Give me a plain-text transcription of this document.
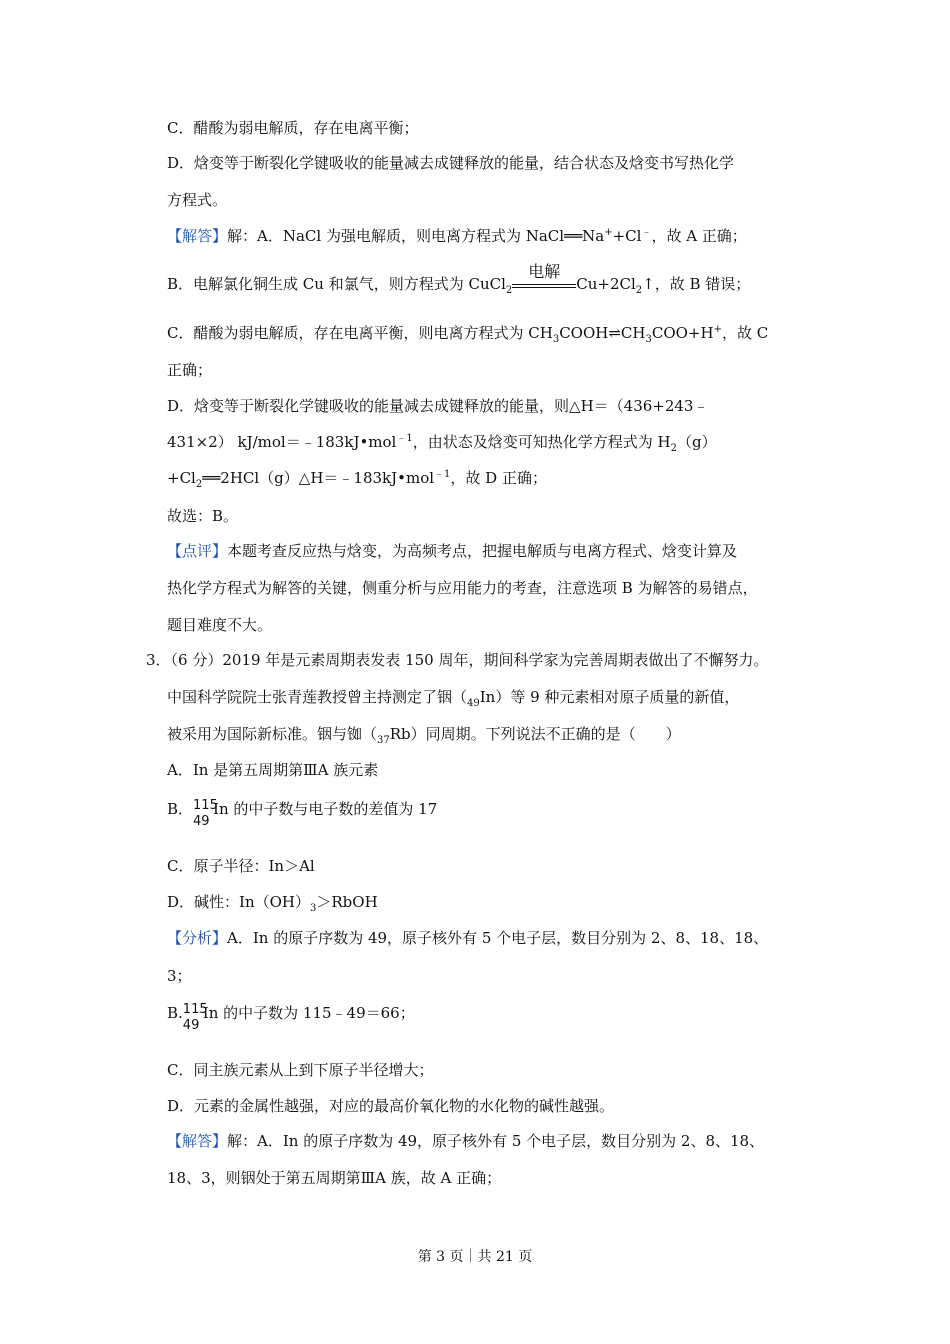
C．醋酸为弱电解质，存在电离平衡；
D．焓变等于断裂化学键吸收的能量减去成键释放的能量，结合状态及焓变书写热化学
方程式。
【解答】解：A．NaCl 为强电解质，则电离方程式为 NaCl══Na++Cl﹣，故 A 正确；
B．电解氯化铜生成 Cu 和氯气，则方程式为 CuCl$_2$
电解
$Cu+2Cl_2↑$，故 B 错误；
C．醋酸为弱电解质，存在电离平衡，则电离方程式为 $CH_3COOH\rightleftharpoons CH_3COO+H^+$，故 C
正确；
D．焓变等于断裂化学键吸收的能量减去成键释放的能量，则△H＝（436+243﹣
431×2） kJ/mol＝﹣183kJ•mol$^{﹣1}$，由状态及焓变可知热化学方程式为 $H_2(g)$
$+Cl_2══2HCl(g)\triangle H=﹣183kJ•mol^{﹣1}$，故 D 正确；
故选：B。
【点评】本题考查反应热与焓变，为高频考点，把握电解质与电离方程式、焓变计算及
热化学方程式为解答的关键，侧重分析与应用能力的考查，注意选项 B 为解答的易错点，
题目难度不大。
3．（6 分）2019 年是元素周期表发表 150 周年，期间科学家为完善周期表做出了不懈努力。
中国科学院院士张青莲教授曾主持测定了铟$(_{49}In)$等 9 种元素相对原子质量的新值，
被采用为国际新标准。铟与铷$(_{37}Rb)$同周期。下列说法不正确的是（　　）
A．In 是第五周期第ⅢA 族元素
B． 115
49
In 的中子数与电子数的差值为 17
C．原子半径：In＞Al
D．碱性：$In(OH)_3>RbOH$
【分析】A．In 的原子序数为 49，原子核外有 5 个电子层，数目分别为 2、8、18、18、
3；
B. 115
49
In 的中子数为 115﹣49＝66；
C．同主族元素从上到下原子半径增大；
D．元素的金属性越强，对应的最高价氧化物的水化物的碱性越强。
【解答】解：A．In 的原子序数为 49，原子核外有 5 个电子层，数目分别为 2、8、18、
18、3，则铟处于第五周期第ⅢA 族，故 A 正确；
第 3 页｜共 21 页
